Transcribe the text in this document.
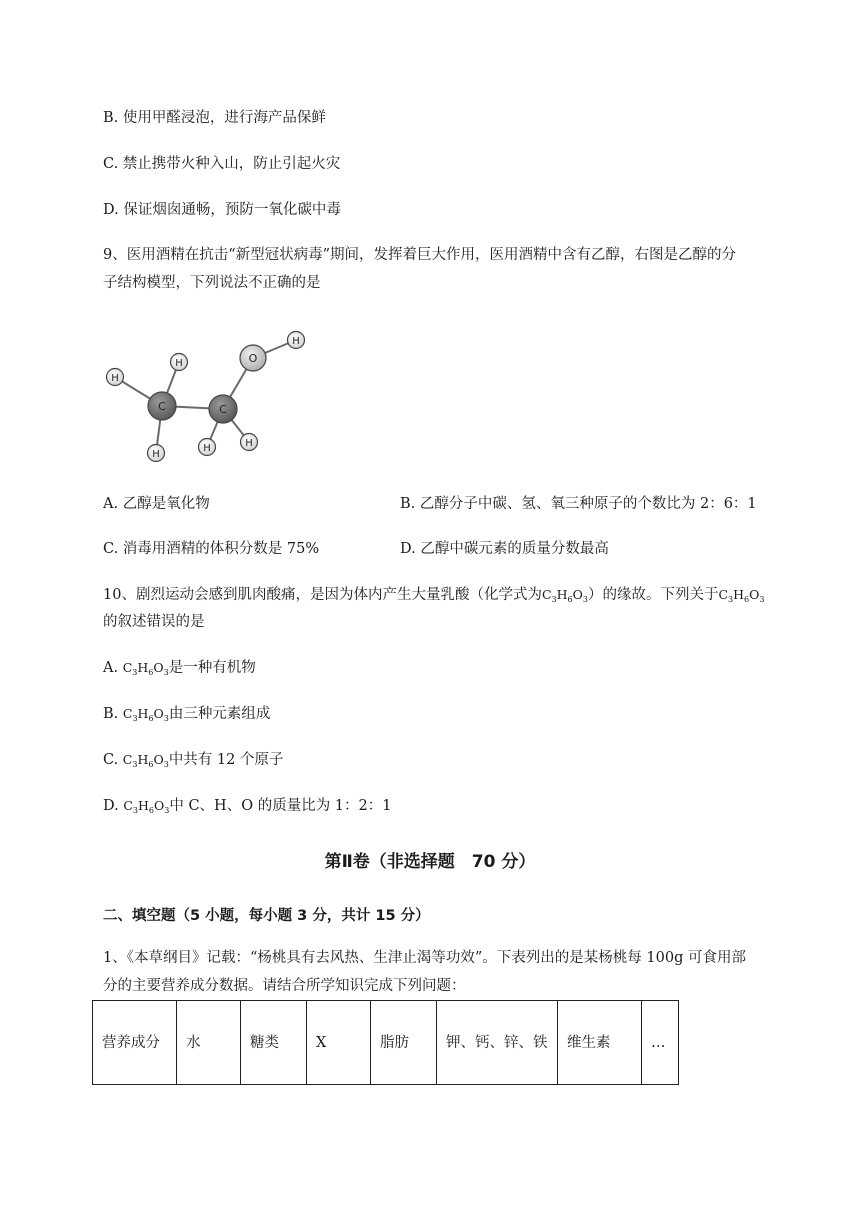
B. 使用甲醛浸泡，进行海产品保鲜
C. 禁止携带火种入山，防止引起火灾
D. 保证烟囱通畅，预防一氧化碳中毒
9、医用酒精在抗击“新型冠状病毒”期间，发挥着巨大作用，医用酒精中含有乙醇，右图是乙醇的分
子结构模型，下列说法不正确的是
C	C
O
H
H
H
H	H
H
A. 乙醇是氧化物	B. 乙醇分子中碳、氢、氧三种原子的个数比为 2：6：1
C. 消毒用酒精的体积分数是 75%	D. 乙醇中碳元素的质量分数最高
10、剧烈运动会感到肌肉酸痛，是因为体内产生大量乳酸（化学式为$C_3H_6O_3$）的缘故。下列关于$C_3H_6O_3$
的叙述错误的是
A. $C_3H_6O_3$是一种有机物
B. $C_3H_6O_3$由三种元素组成
C. $C_3H_6O_3$中共有 12 个原子
D. $C_3H_6O_3$中 C、H、O 的质量比为 1：2：1
第Ⅱ卷（非选择题　70 分）
二、填空题（5 小题，每小题 3 分，共计 15 分）
1、《本草纲目》记载：“杨桃具有去风热、生津止渴等功效”。下表列出的是某杨桃每 100g 可食用部
分的主要营养成分数据。请结合所学知识完成下列问题：
营养成分	水	糖类	X	脂肪	钾、钙、锌、铁	维生素	…
